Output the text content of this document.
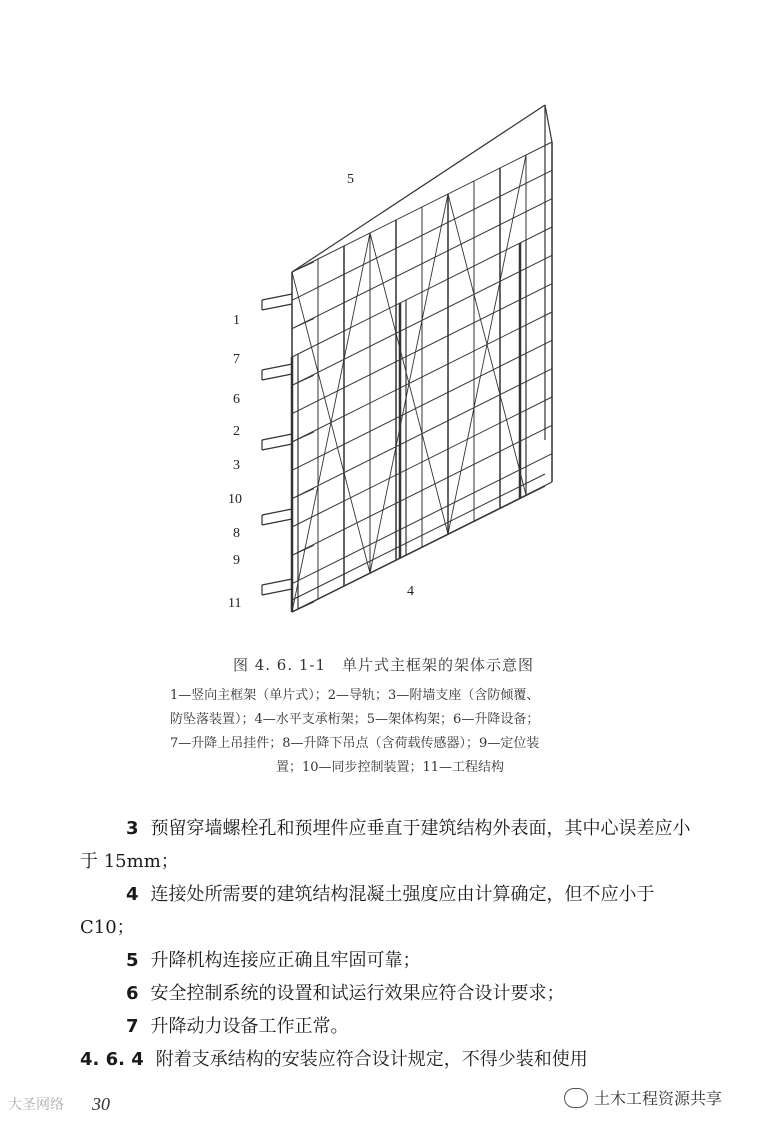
5
1
7
6
2
3
10
8
9
11
4
图 4. 6. 1-1　单片式主框架的架体示意图
1—竖向主框架（单片式）；2—导轨；3—附墙支座（含防倾覆、
防坠落装置）；4—水平支承桁架；5—架体构架；6—升降设备；
7—升降上吊挂件；8—升降下吊点（含荷载传感器）；9—定位装

置；10—同步控制装置；11—工程结构

3 预留穿墙螺栓孔和预埋件应垂直于建筑结构外表面，其中心误差应小于 15mm；

4 连接处所需要的建筑结构混凝土强度应由计算确定，但不应小于 C10；

5 升降机构连接应正确且牢固可靠；

6 安全控制系统的设置和试运行效果应符合设计要求；

7 升降动力设备工作正常。

4. 6. 4 附着支承结构的安装应符合设计规定，不得少装和使用

大圣网络 30	土木工程资源共享
